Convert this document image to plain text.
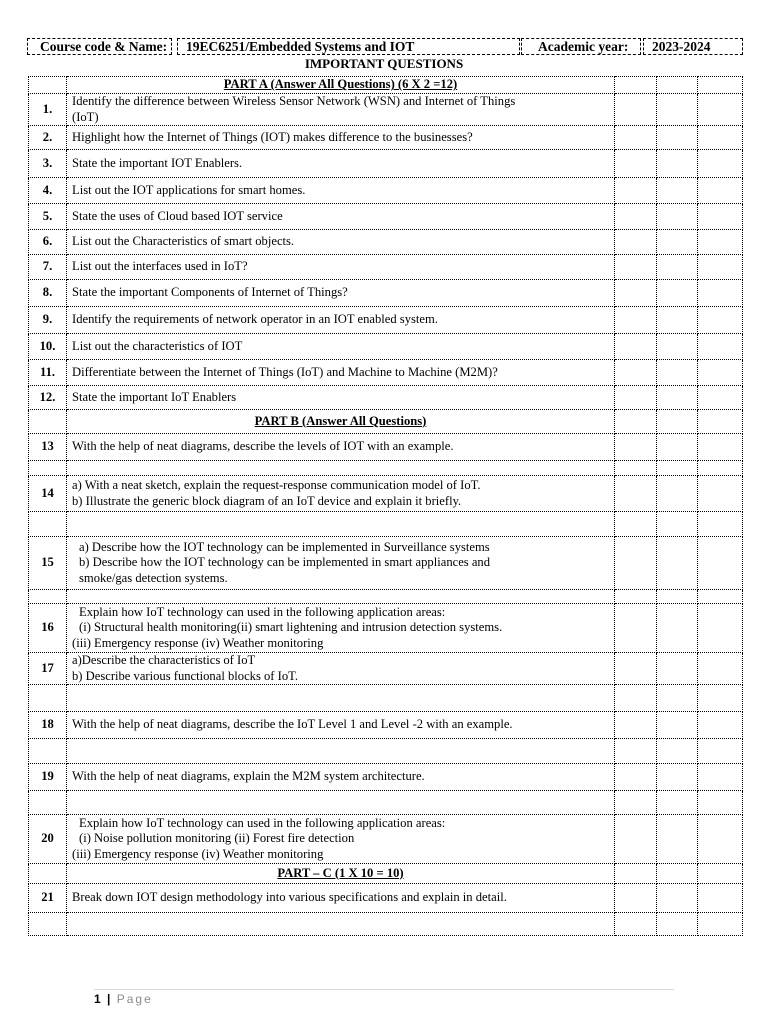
Course code & Name:	19EC6251/Embedded Systems and IOT	Academic year:	2023-2024
IMPORTANT QUESTIONS
	PART A (Answer All Questions) (6 X 2 =12)			
1.	Identify the difference between Wireless Sensor Network (WSN) and Internet of Things
(IoT)			

2.	Highlight how the Internet of Things (IOT) makes difference to the businesses?			

3.	State the important IOT Enablers.			

4.	List out the IOT applications for smart homes.			

5.	State the uses of Cloud based IOT service			

6.	List out the Characteristics of smart objects.			

7.	List out the interfaces used in IoT?			

8.	State the important Components of Internet of Things?			

9.	Identify the requirements of network operator in an IOT enabled system.			

10.	List out the characteristics of IOT			

11.	Differentiate between the Internet of Things (IoT) and Machine to Machine (M2M)?			

12.	State the important IoT Enablers			

	PART B (Answer All Questions)			
13	With the help of neat diagrams, describe the levels of IOT with an example.			

14	a) With a neat sketch, explain the request-response communication model of IoT.
b) Illustrate the generic block diagram of an IoT device and explain it briefly.			

15	a) Describe how the IOT technology can be implemented in Surveillance systems
b) Describe how the IOT technology can be implemented in smart appliances and
smoke/gas detection systems.			

16	Explain how IoT technology can used in the following application areas:
(i) Structural health monitoring(ii) smart lightening and intrusion detection systems.
(iii) Emergency response (iv) Weather monitoring			

17	a)Describe the characteristics of IoT
b) Describe various functional blocks of IoT.			

18	With the help of neat diagrams, describe the IoT Level 1 and Level -2 with an example.			

19	With the help of neat diagrams, explain the M2M system architecture.			

20	Explain how IoT technology can used in the following application areas:
(i) Noise pollution monitoring (ii) Forest fire detection
(iii) Emergency response (iv) Weather monitoring			

	PART – C (1 X 10 = 10)			
21	Break down IOT design methodology into various specifications and explain in detail.			

1 | Page
